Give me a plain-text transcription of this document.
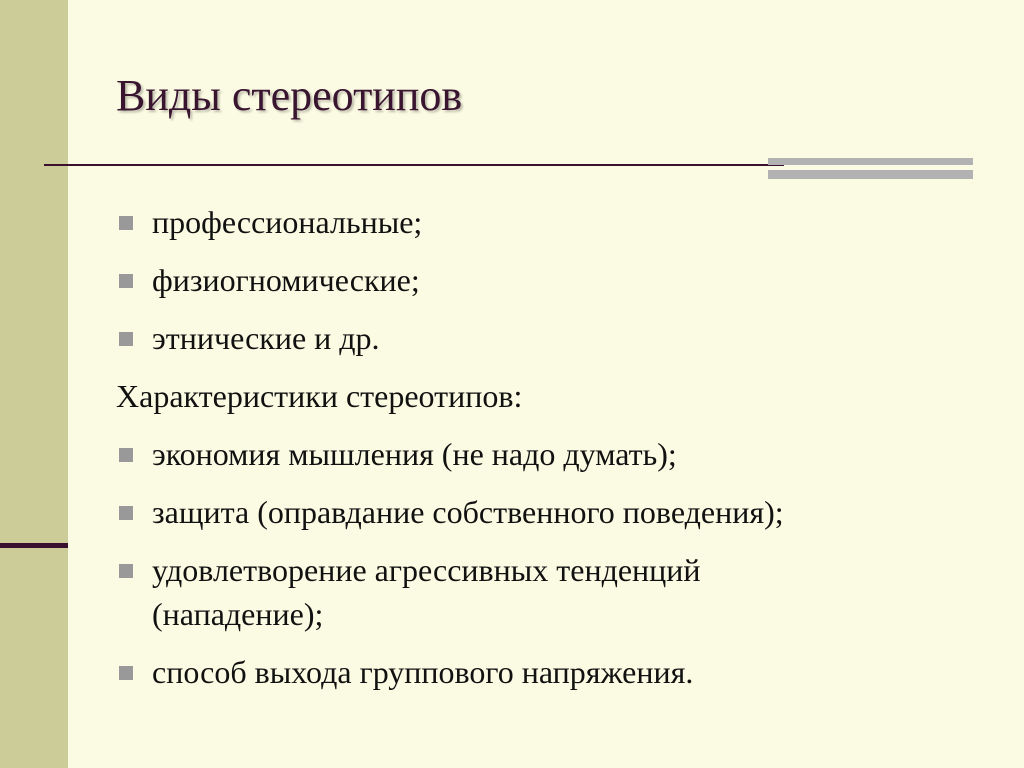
Виды стереотипов
профессиональные;
физиогномические;
этнические и др.
Характеристики стереотипов:
экономия мышления (не надо думать);
защита (оправдание собственного поведения);
удовлетворение агрессивных тенденций
(нападение);
способ выхода группового напряжения.
